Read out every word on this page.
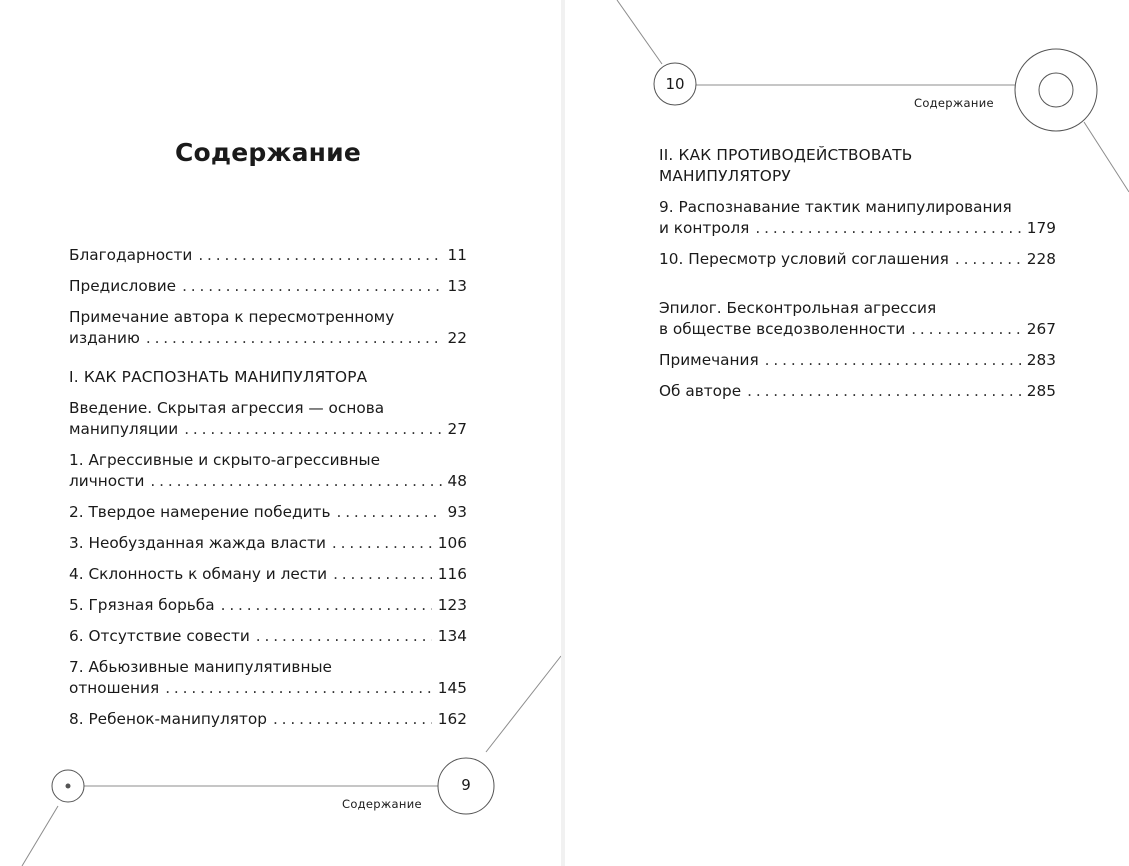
Содержание
Благодарности . . .	11
Предисловие . . .	13
Примечание автора к пересмотренному
изданию . . .	22
I. КАК РАСПОЗНАТЬ МАНИПУЛЯТОРА
Введение. Скрытая агрессия — основа
манипуляции . . .	27
1. Агрессивные и скрыто-агрессивные
личности . . .	48
2. Твердое намерение победить . . .	93
3. Необузданная жажда власти . . .	106
4. Склонность к обману и лести . . .	116
5. Грязная борьба . . .	123
6. Отсутствие совести . . .	134
7. Абьюзивные манипулятивные
отношения . . .	145
8. Ребенок-манипулятор . . .	162
9
Содержание
10
Содержание
II. КАК ПРОТИВОДЕЙСТВОВАТЬ
МАНИПУЛЯТОРУ
9. Распознавание тактик манипулирования
и контроля . . .	179
10. Пересмотр условий соглашения . . .	228
Эпилог. Бесконтрольная агрессия
в обществе вседозволенности . . .	267
Примечания . . .	283
Об авторе . . .	285
